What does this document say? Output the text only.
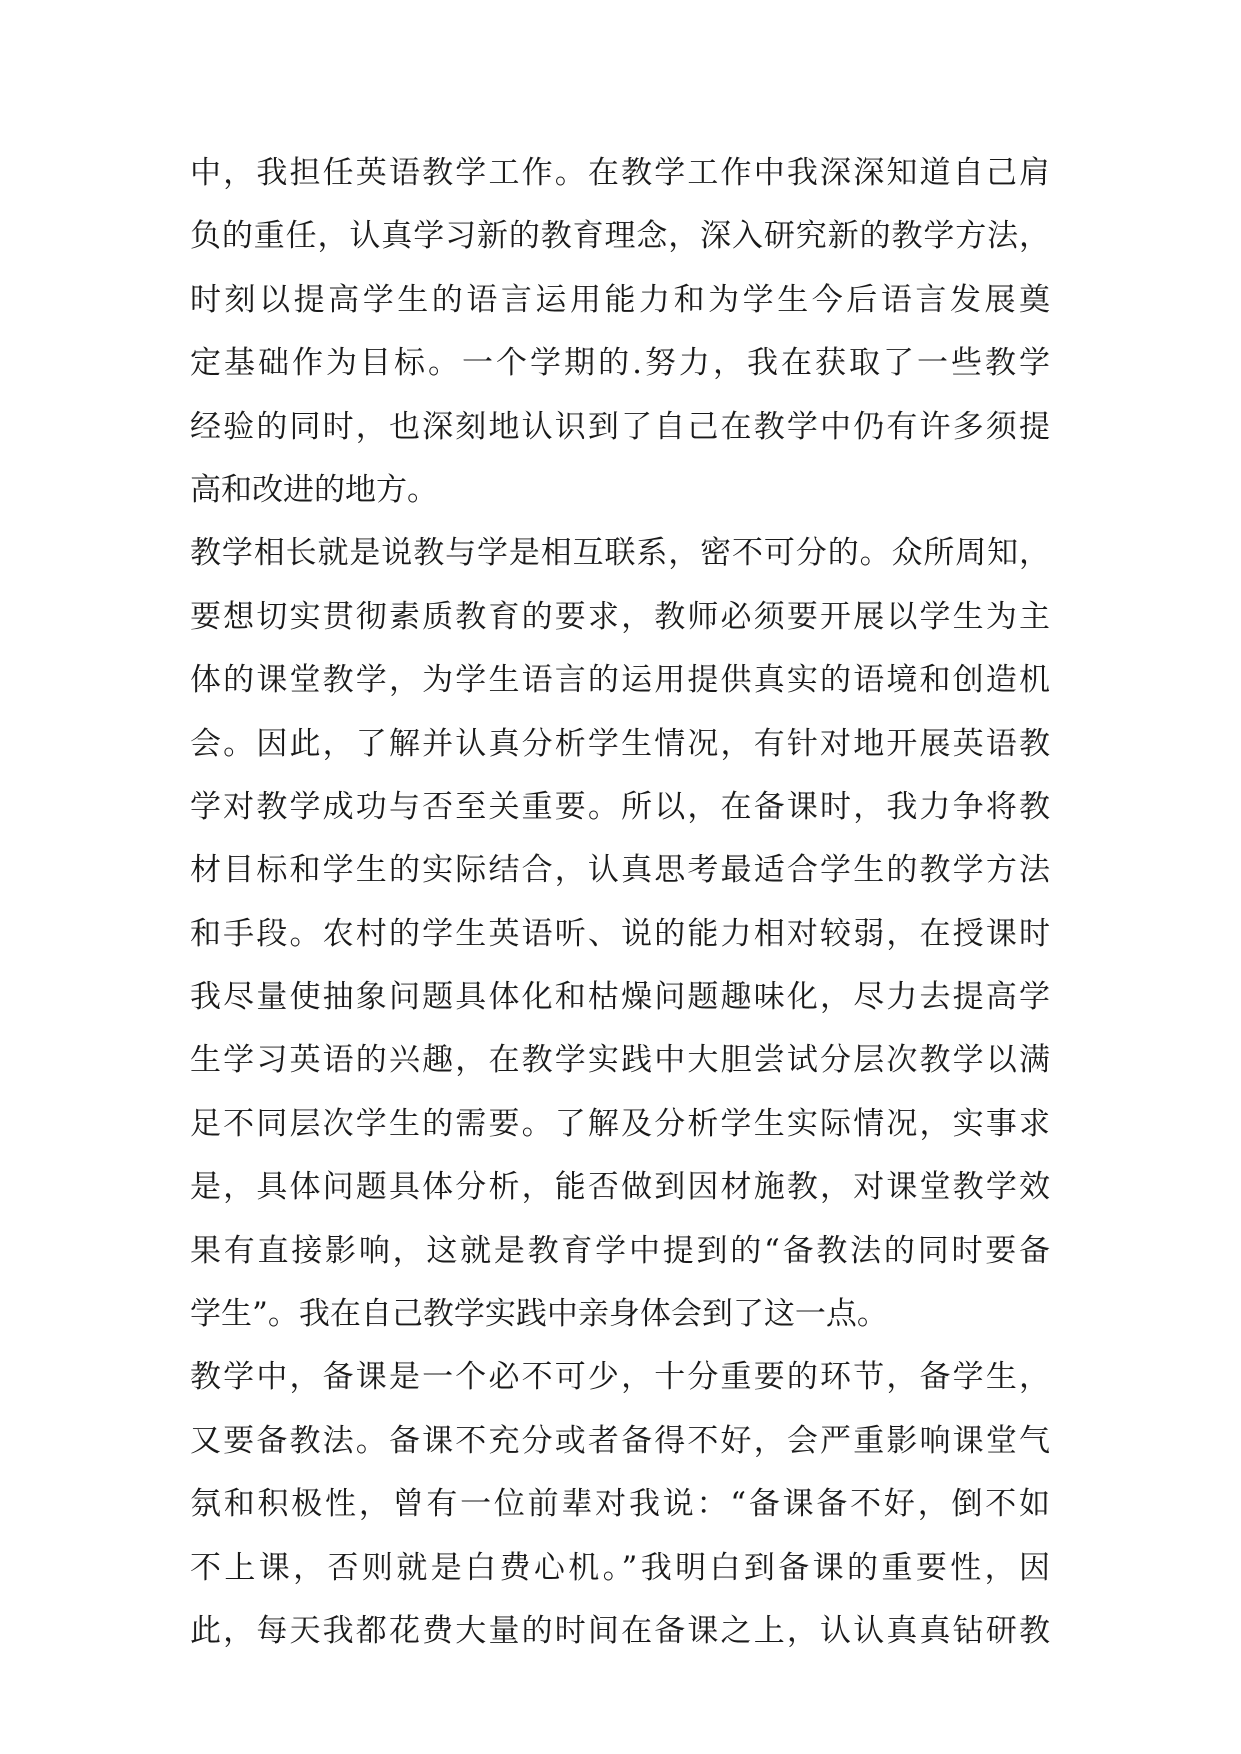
中，我担任英语教学工作。在教学工作中我深深知道自己肩
负的重任，认真学习新的教育理念，深入研究新的教学方法，
时刻以提高学生的语言运用能力和为学生今后语言发展奠
定基础作为目标。一个学期的.努力，我在获取了一些教学
经验的同时，也深刻地认识到了自己在教学中仍有许多须提
高和改进的地方。
教学相长就是说教与学是相互联系，密不可分的。众所周知，
要想切实贯彻素质教育的要求，教师必须要开展以学生为主
体的课堂教学，为学生语言的运用提供真实的语境和创造机
会。因此，了解并认真分析学生情况，有针对地开展英语教
学对教学成功与否至关重要。所以，在备课时，我力争将教
材目标和学生的实际结合，认真思考最适合学生的教学方法
和手段。农村的学生英语听、说的能力相对较弱，在授课时
我尽量使抽象问题具体化和枯燥问题趣味化，尽力去提高学
生学习英语的兴趣，在教学实践中大胆尝试分层次教学以满
足不同层次学生的需要。了解及分析学生实际情况，实事求
是，具体问题具体分析，能否做到因材施教，对课堂教学效
果有直接影响，这就是教育学中提到的“备教法的同时要备
学生”。我在自己教学实践中亲身体会到了这一点。
教学中，备课是一个必不可少，十分重要的环节，备学生，
又要备教法。备课不充分或者备得不好，会严重影响课堂气
氛和积极性，曾有一位前辈对我说：“备课备不好，倒不如
不上课，否则就是白费心机。”我明白到备课的重要性，因
此，每天我都花费大量的时间在备课之上，认认真真钻研教
